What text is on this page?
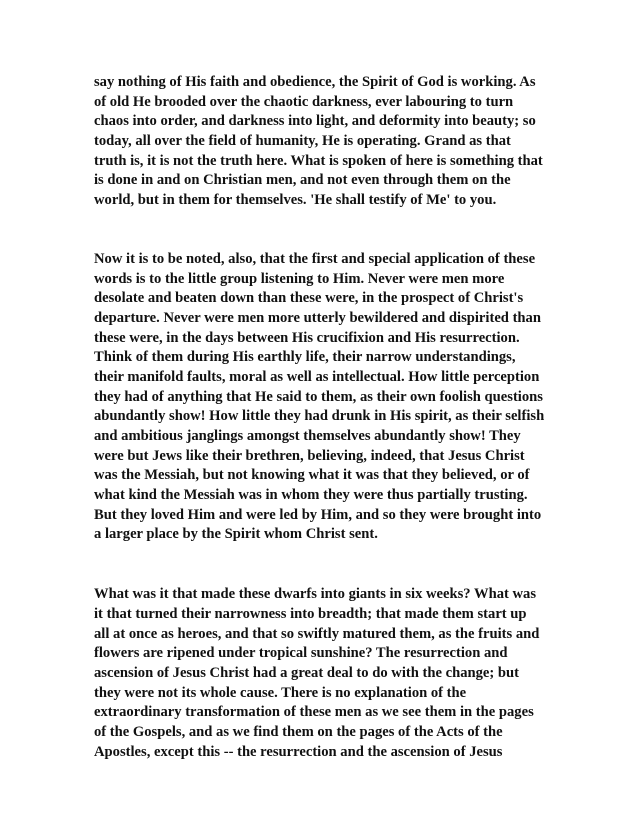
say nothing of His faith and obedience, the Spirit of God is working. As
of old He brooded over the chaotic darkness, ever labouring to turn
chaos into order, and darkness into light, and deformity into beauty; so
today, all over the field of humanity, He is operating. Grand as that
truth is, it is not the truth here. What is spoken of here is something that
is done in and on Christian men, and not even through them on the
world, but in them for themselves. 'He shall testify of Me' to you.
Now it is to be noted, also, that the first and special application of these
words is to the little group listening to Him. Never were men more
desolate and beaten down than these were, in the prospect of Christ's
departure. Never were men more utterly bewildered and dispirited than
these were, in the days between His crucifixion and His resurrection.
Think of them during His earthly life, their narrow understandings,
their manifold faults, moral as well as intellectual. How little perception
they had of anything that He said to them, as their own foolish questions
abundantly show! How little they had drunk in His spirit, as their selfish
and ambitious janglings amongst themselves abundantly show! They
were but Jews like their brethren, believing, indeed, that Jesus Christ
was the Messiah, but not knowing what it was that they believed, or of
what kind the Messiah was in whom they were thus partially trusting.
But they loved Him and were led by Him, and so they were brought into
a larger place by the Spirit whom Christ sent.
What was it that made these dwarfs into giants in six weeks? What was
it that turned their narrowness into breadth; that made them start up
all at once as heroes, and that so swiftly matured them, as the fruits and
flowers are ripened under tropical sunshine? The resurrection and
ascension of Jesus Christ had a great deal to do with the change; but
they were not its whole cause. There is no explanation of the
extraordinary transformation of these men as we see them in the pages
of the Gospels, and as we find them on the pages of the Acts of the
Apostles, except this -- the resurrection and the ascension of Jesus
